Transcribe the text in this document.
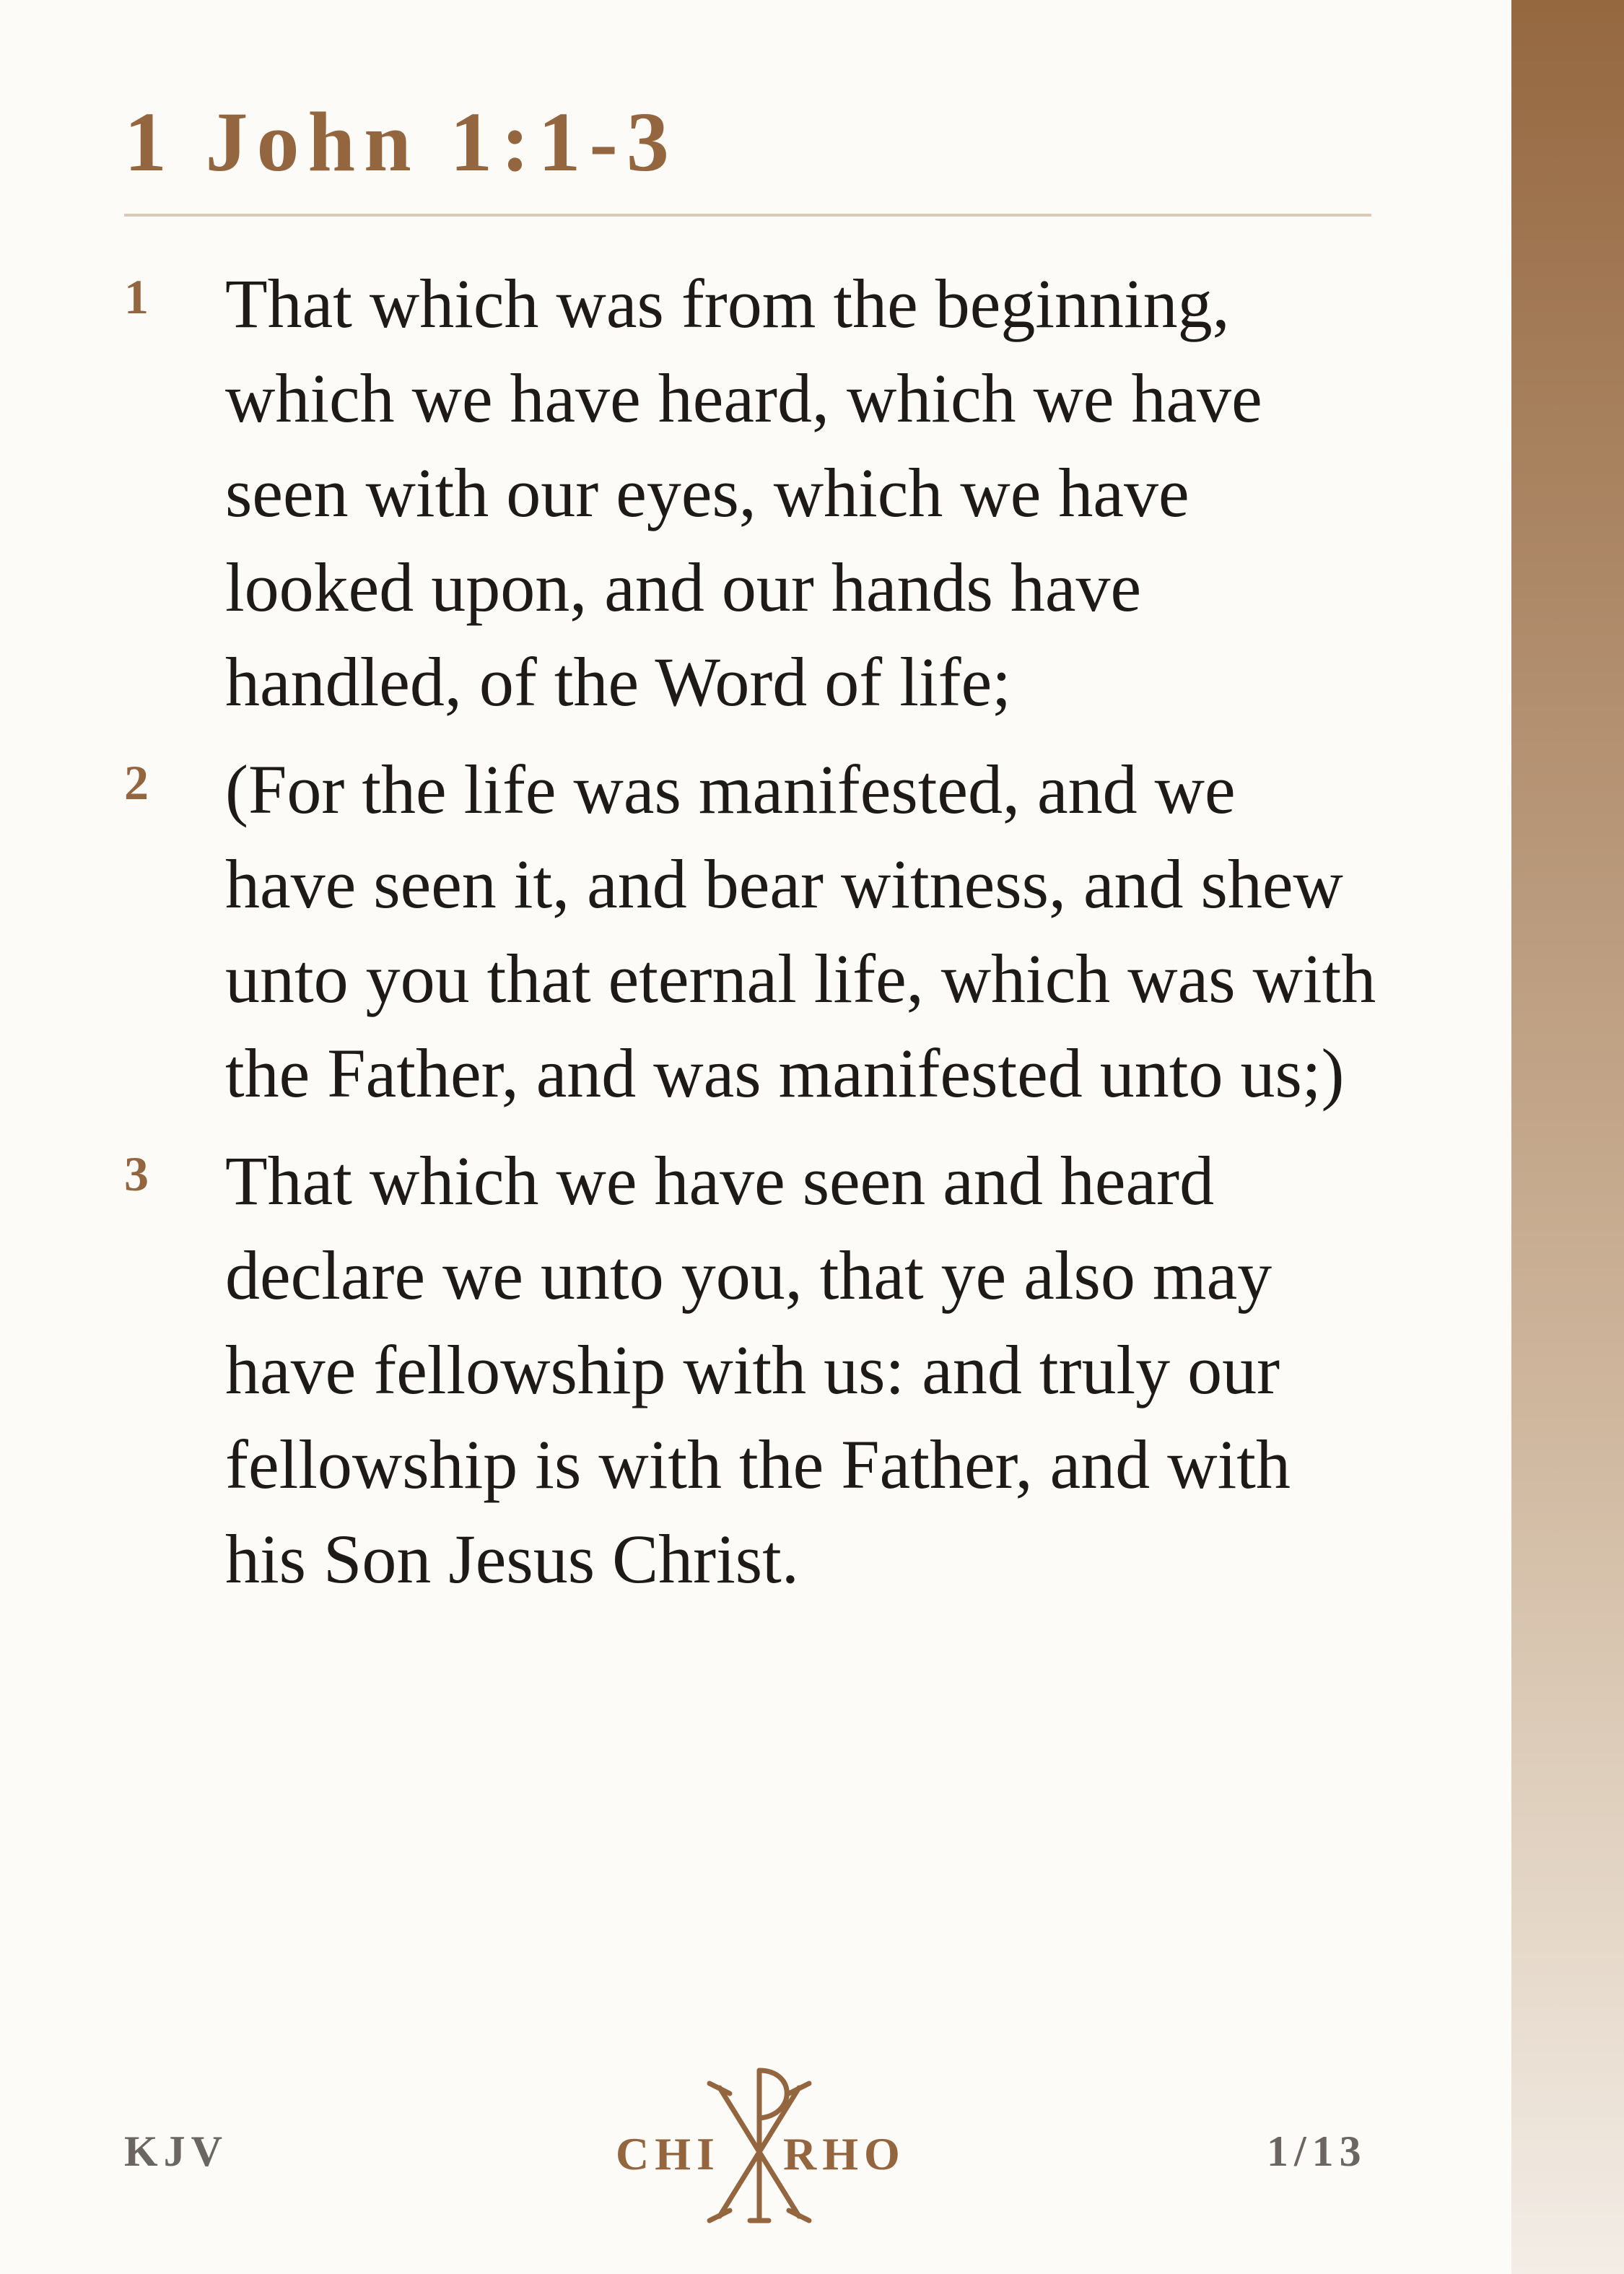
1 John 1:1-3
1 That which was from the beginning, which we have heard, which we have seen with our eyes, which we have looked upon, and our hands have handled, of the Word of life;
2 (For the life was manifested, and we have seen it, and bear witness, and shew unto you that eternal life, which was with the Father, and was manifested unto us;)
3 That which we have seen and heard declare we unto you, that ye also may have fellowship with us: and truly our fellowship is with the Father, and with his Son Jesus Christ.
KJV	CHI RHO	1/13
